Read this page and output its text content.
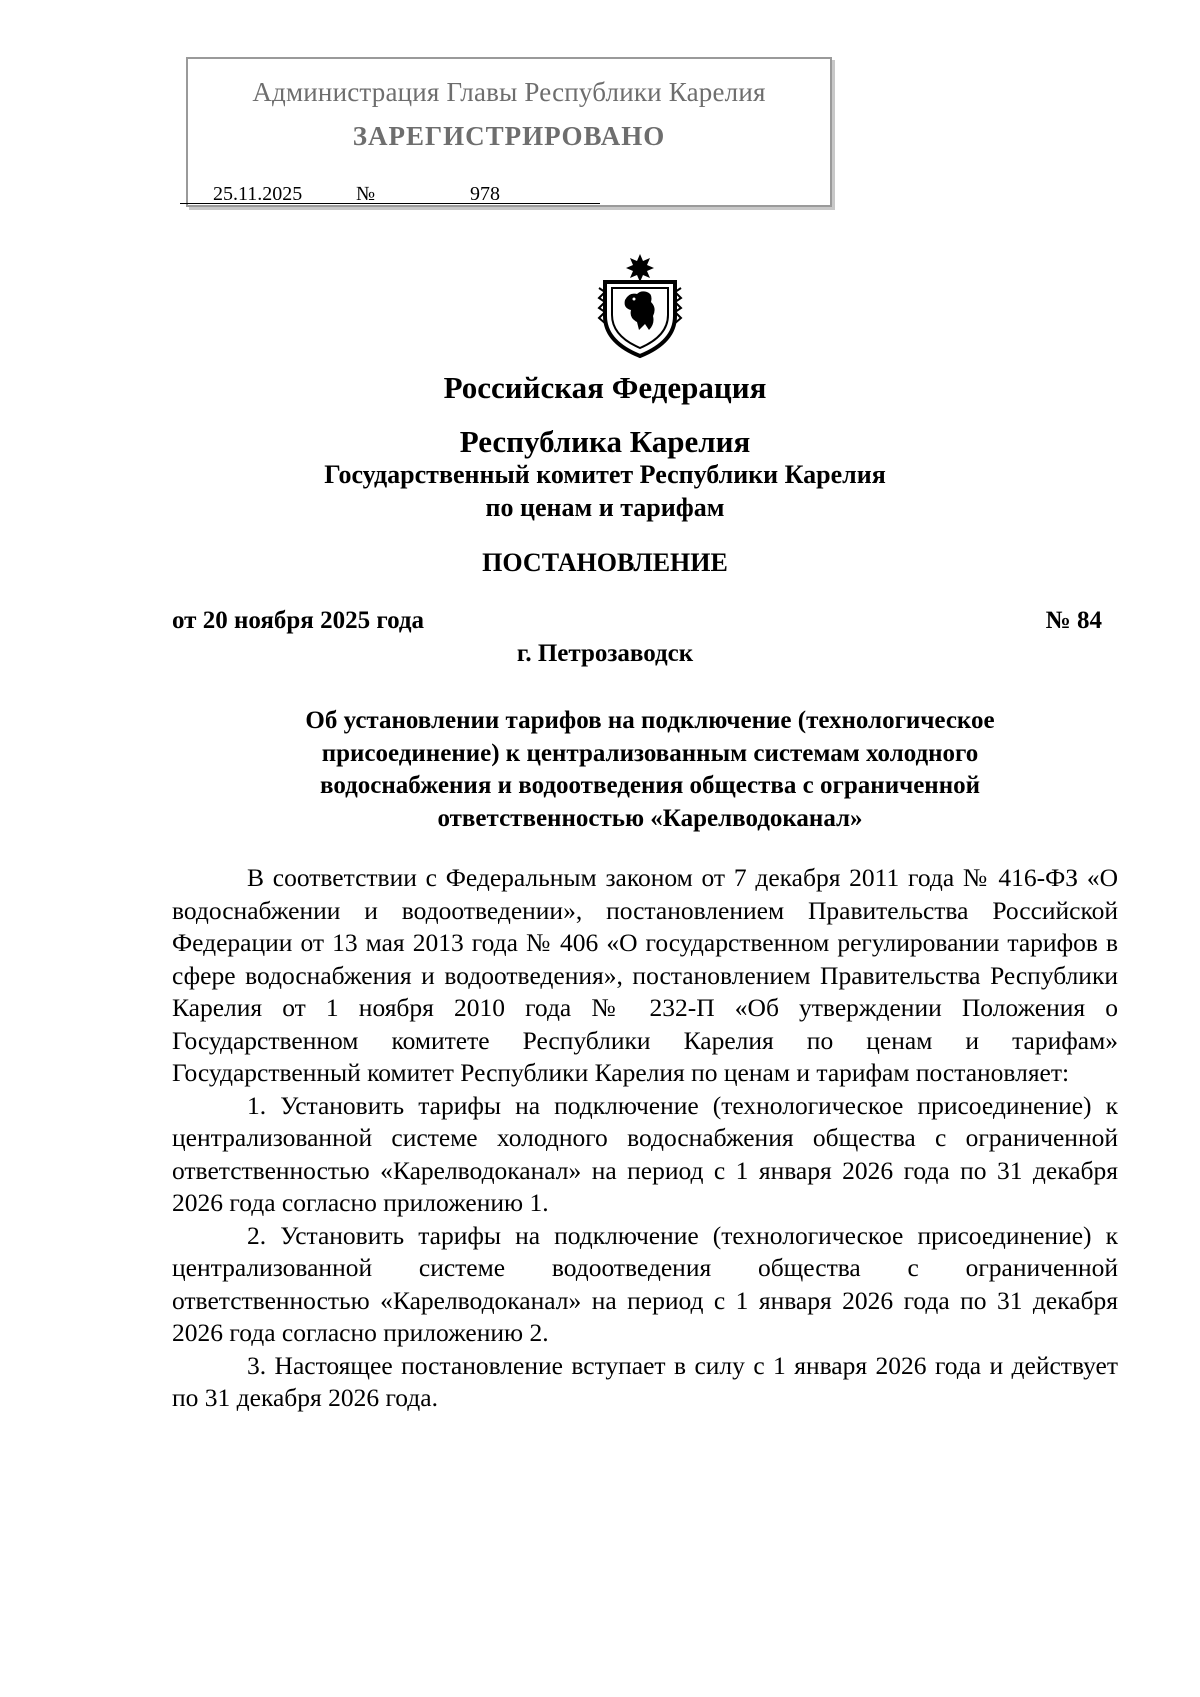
Администрация Главы Республики Карелия
ЗАРЕГИСТРИРОВАНО
25.11.2025	№	978
Российская Федерация
Республика Карелия
Государственный комитет Республики Карелия
по ценам и тарифам
ПОСТАНОВЛЕНИЕ
от 20 ноября 2025 года	№ 84
г. Петрозаводск
Об установлении тарифов на подключение (технологическое присоединение) к централизованным системам холодного водоснабжения и водоотведения общества с ограниченной ответственностью «Карелводоканал»

В соответствии с Федеральным законом от 7 декабря 2011 года № 416-ФЗ «О водоснабжении и водоотведении», постановлением Правительства Российской Федерации от 13 мая 2013 года № 406 «О государственном регулировании тарифов в сфере водоснабжения и водоотведения», постановлением Правительства Республики Карелия от 1 ноября 2010 года № 232-П «Об утверждении Положения о Государственном комитете Республики Карелия по ценам и тарифам» Государственный комитет Республики Карелия по ценам и тарифам постановляет:

1. Установить тарифы на подключение (технологическое присоединение) к централизованной системе холодного водоснабжения общества с ограниченной ответственностью «Карелводоканал» на период с 1 января 2026 года по 31 декабря 2026 года согласно приложению 1.

2. Установить тарифы на подключение (технологическое присоединение) к централизованной системе водоотведения общества с ограниченной ответственностью «Карелводоканал» на период с 1 января 2026 года по 31 декабря 2026 года согласно приложению 2.

3. Настоящее постановление вступает в силу с 1 января 2026 года и действует по 31 декабря 2026 года.
